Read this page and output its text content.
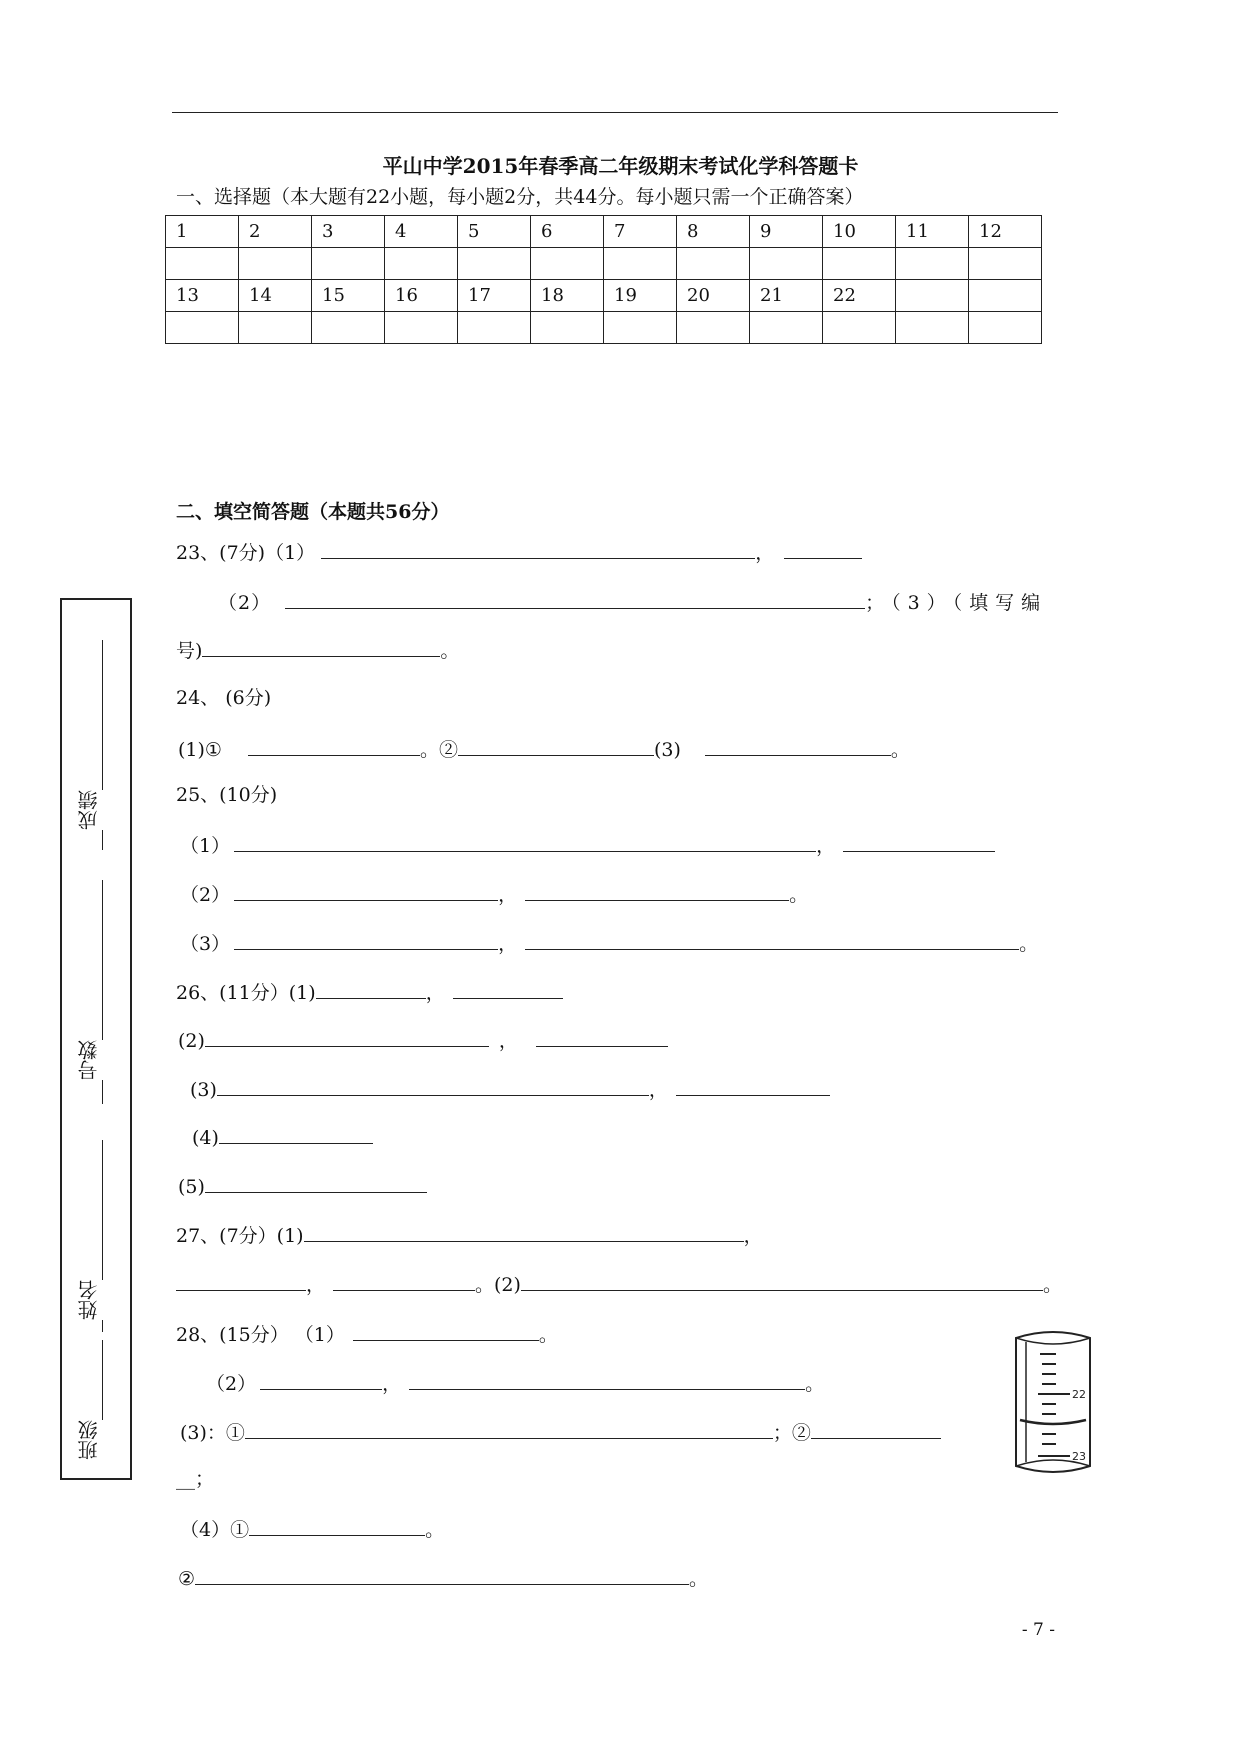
平山中学2015年春季高二年级期末考试化学科答题卡
一、选择题（本大题有22小题，每小题2分，共44分。每小题只需一个正确答案）
1	2	3	4	5	6	7	8	9	10	11	12

13	14	15	16	17	18	19	20	21	22		

二、填空简答题（本题共56分）
23、(7分)（1）	，
（2）	；（3）（填写编
号)	。
24、 (6分)
(1)①	。②	(3)	。
25、(10分)
（1）	，
（2）	，	。
（3）	，	。
26、(11分）(1)	，
(2)	，
(3)	，
(4)
(5)
27、(7分）(1)	，
，	。(2)	。
28、(15分） （1）	。
（2）	，	。
(3)：①	；②
__；
（4）①	。
②	。
22
23
成绩
号数
姓名
班级
- 7 -
